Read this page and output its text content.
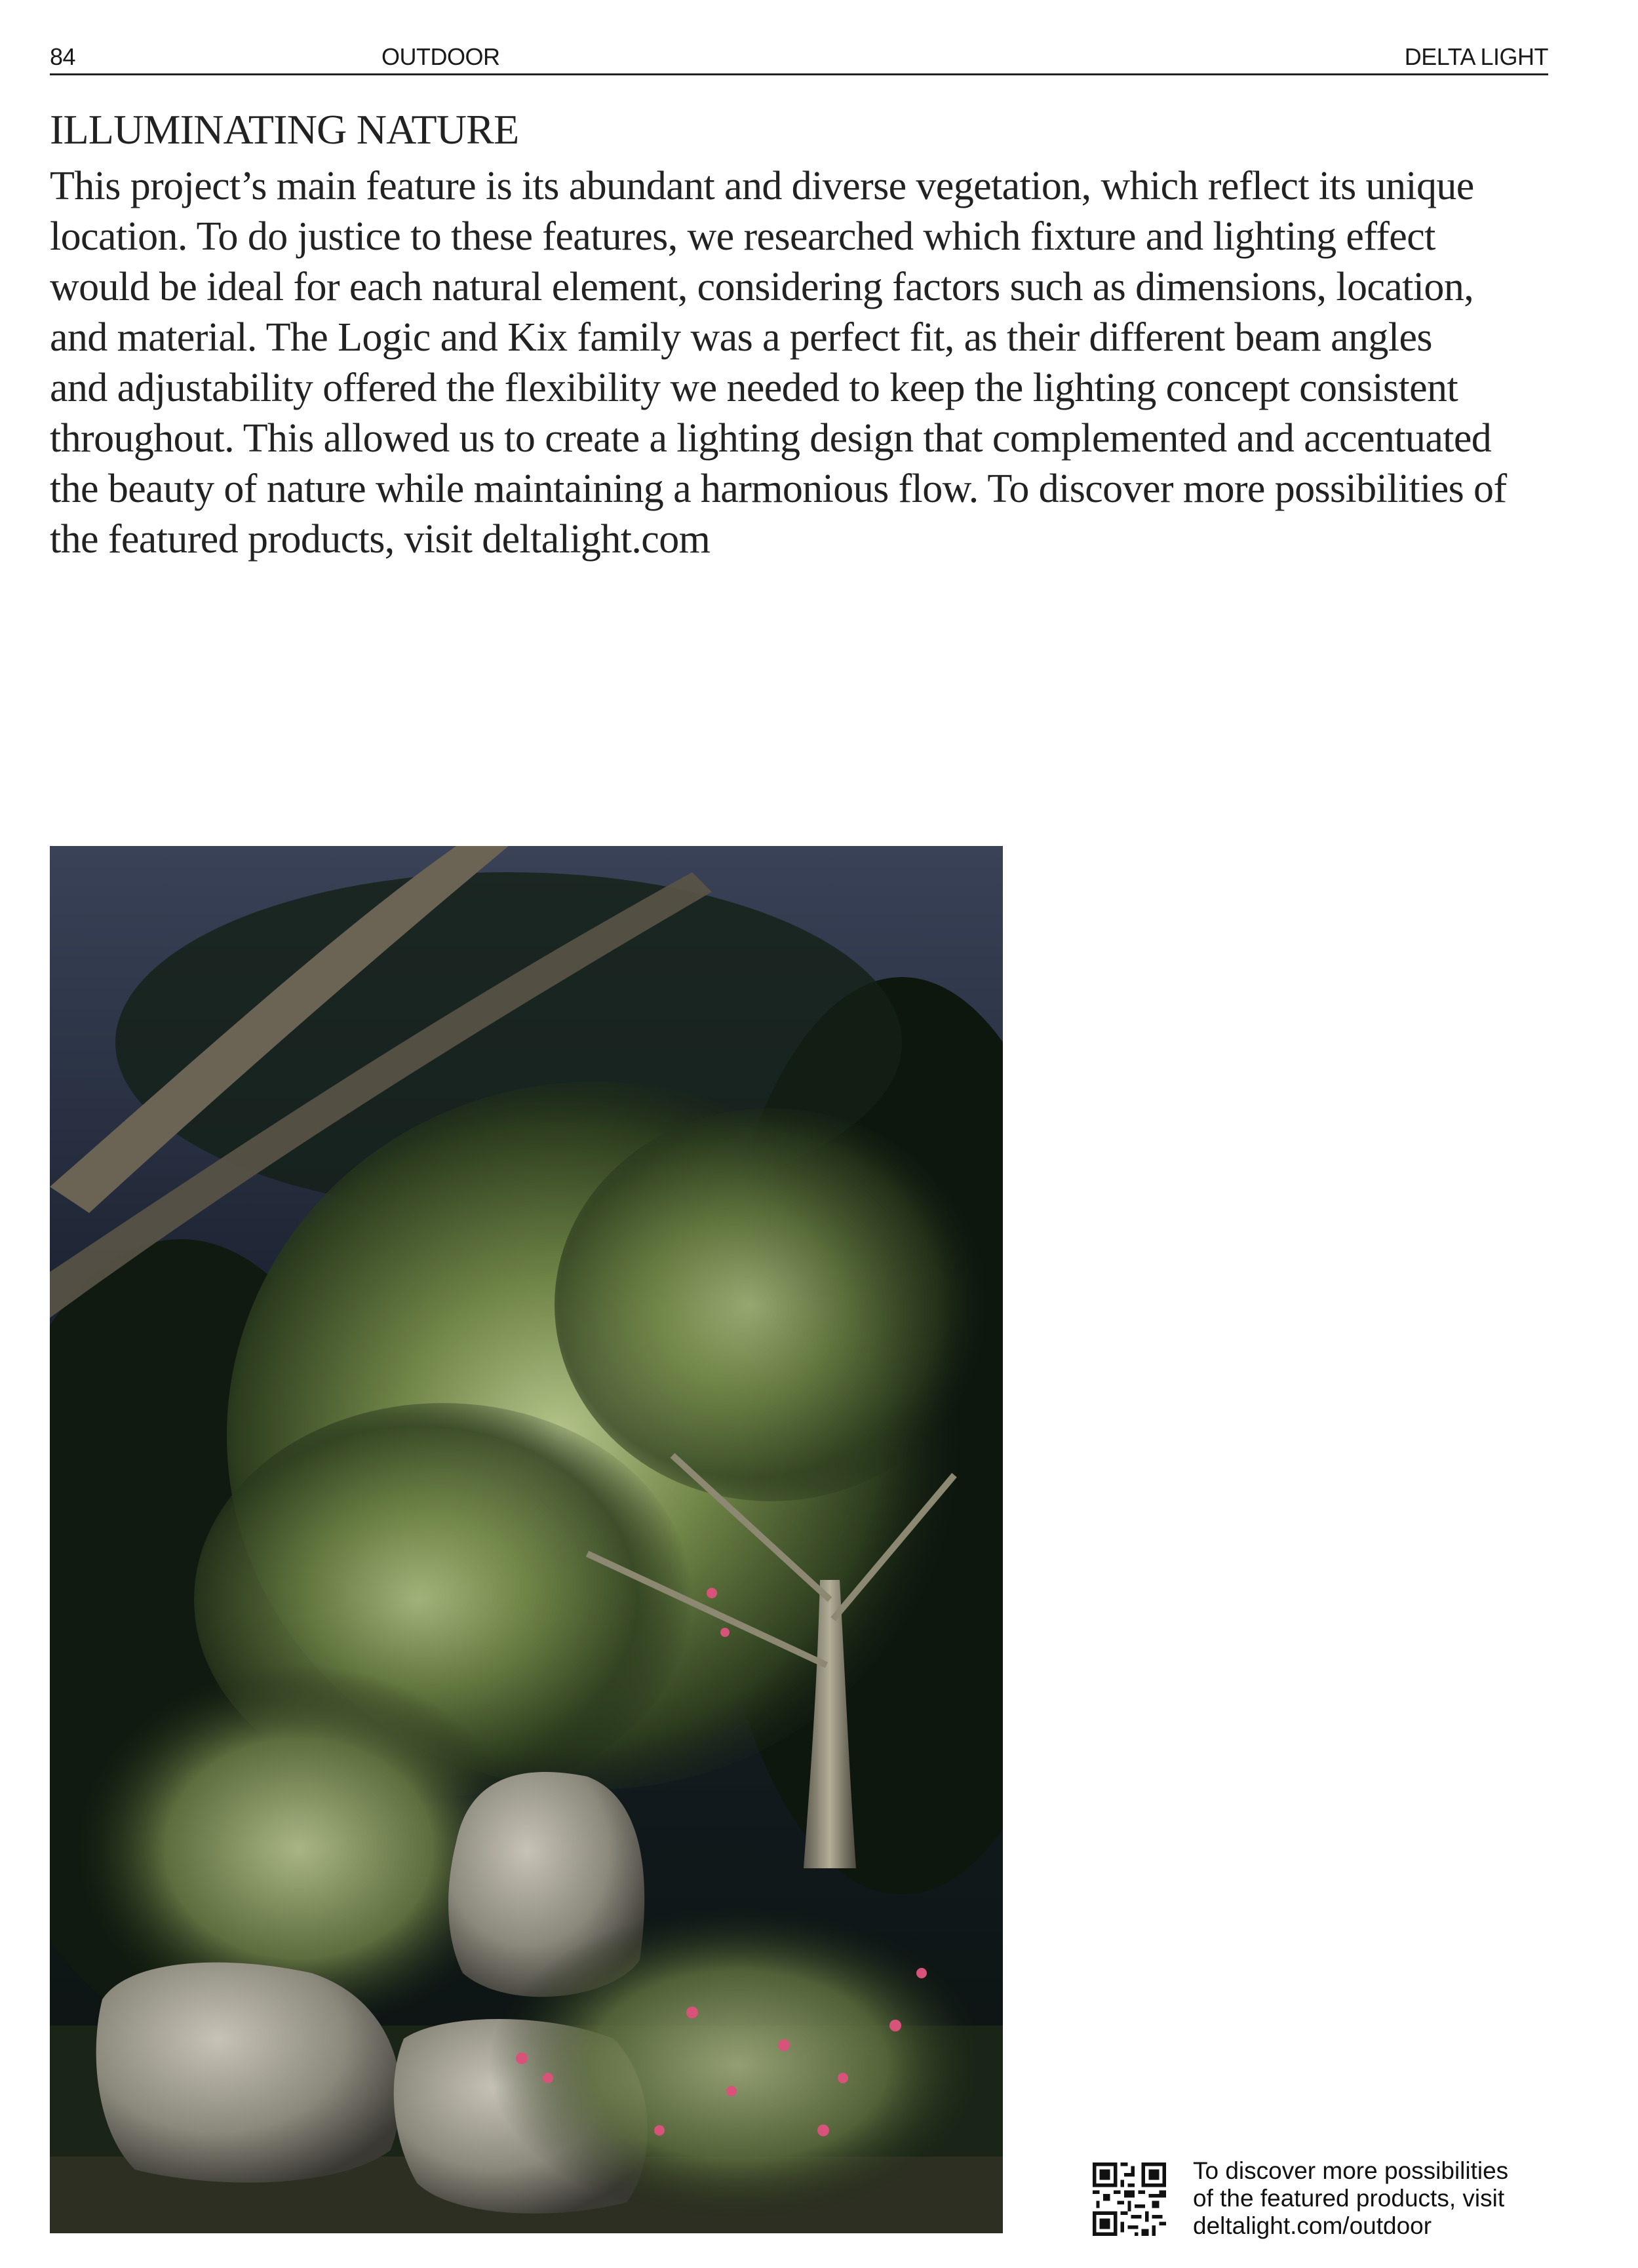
84	OUTDOOR	DELTA LIGHT
ILLUMINATING NATURE

This project’s main feature is its abundant and diverse vegetation, which reflect its unique
location. To do justice to these features, we researched which fixture and lighting effect
would be ideal for each natural element, considering factors such as dimensions, location,
and material. The Logic and Kix family was a perfect fit, as their different beam angles
and adjustability offered the flexibility we needed to keep the lighting concept consistent
throughout. This allowed us to create a lighting design that complemented and accentuated
the beauty of nature while maintaining a harmonious flow. To discover more possibilities of
the featured products, visit deltalight.com

To discover more possibilities
of the featured products, visit
deltalight.com/outdoor
